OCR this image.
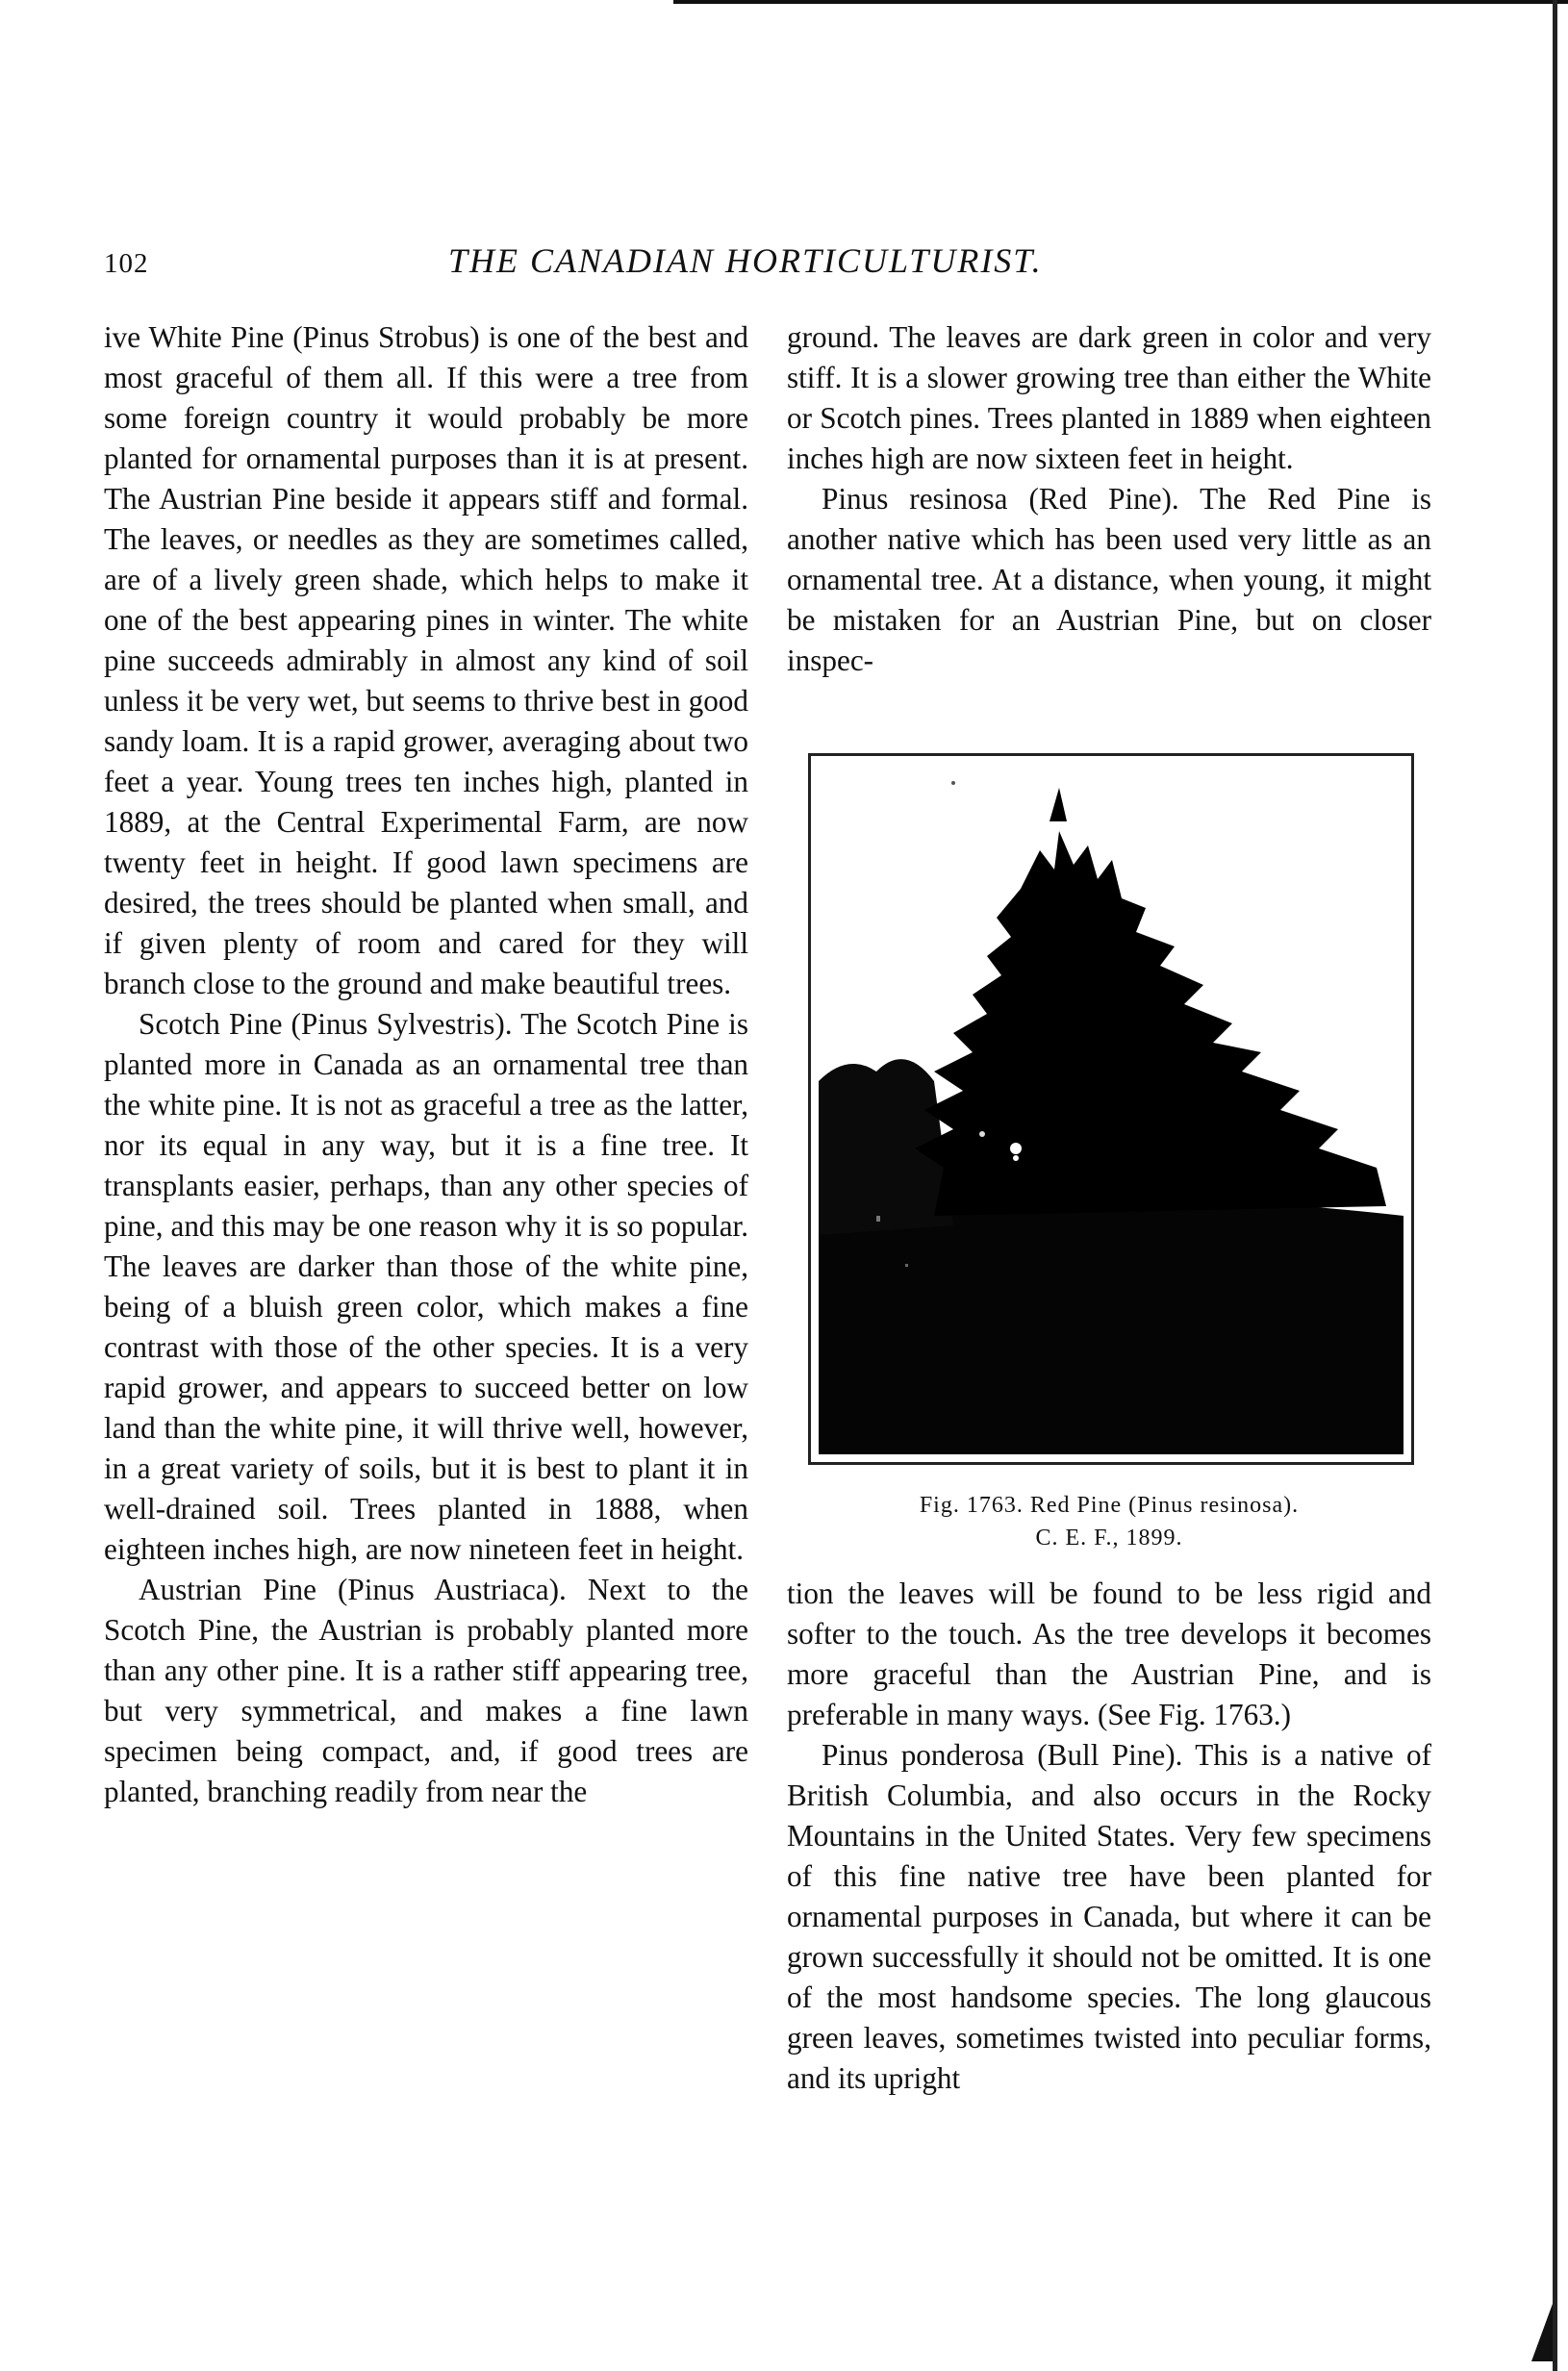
102	THE CANADIAN HORTICULTURIST.

ive White Pine (Pinus Strobus) is one of the best and most graceful of them all. If this were a tree from some foreign country it would probably be more planted for ornamental purposes than it is at present. The Austrian Pine beside it appears stiff and formal. The leaves, or needles as they are sometimes called, are of a lively green shade, which helps to make it one of the best appearing pines in winter. The white pine succeeds admirably in almost any kind of soil unless it be very wet, but seems to thrive best in good sandy loam. It is a rapid grower, averaging about two feet a year. Young trees ten inches high, planted in 1889, at the Central Experimental Farm, are now twenty feet in height. If good lawn specimens are desired, the trees should be planted when small, and if given plenty of room and cared for they will branch close to the ground and make beautiful trees.

Scotch Pine (Pinus Sylvestris). The Scotch Pine is planted more in Canada as an ornamental tree than the white pine. It is not as graceful a tree as the latter, nor its equal in any way, but it is a fine tree. It transplants easier, perhaps, than any other species of pine, and this may be one reason why it is so popular. The leaves are darker than those of the white pine, being of a bluish green color, which makes a fine contrast with those of the other species. It is a very rapid grower, and appears to succeed better on low land than the white pine, it will thrive well, however, in a great variety of soils, but it is best to plant it in well-drained soil. Trees planted in 1888, when eighteen inches high, are now nineteen feet in height.

Austrian Pine (Pinus Austriaca). Next to the Scotch Pine, the Austrian is probably planted more than any other pine. It is a rather stiff appearing tree, but very symmetrical, and makes a fine lawn specimen being compact, and, if good trees are planted, branching readily from near the

ground. The leaves are dark green in color and very stiff. It is a slower growing tree than either the White or Scotch pines. Trees planted in 1889 when eighteen inches high are now sixteen feet in height.

Pinus resinosa (Red Pine). The Red Pine is another native which has been used very little as an ornamental tree. At a distance, when young, it might be mistaken for an Austrian Pine, but on closer inspec-

Fig. 1763. Red Pine (Pinus resinosa).
C. E. F., 1899.

tion the leaves will be found to be less rigid and softer to the touch. As the tree develops it becomes more graceful than the Austrian Pine, and is preferable in many ways. (See Fig. 1763.)

Pinus ponderosa (Bull Pine). This is a native of British Columbia, and also occurs in the Rocky Mountains in the United States. Very few specimens of this fine native tree have been planted for ornamental purposes in Canada, but where it can be grown successfully it should not be omitted. It is one of the most handsome species. The long glaucous green leaves, sometimes twisted into peculiar forms, and its upright
